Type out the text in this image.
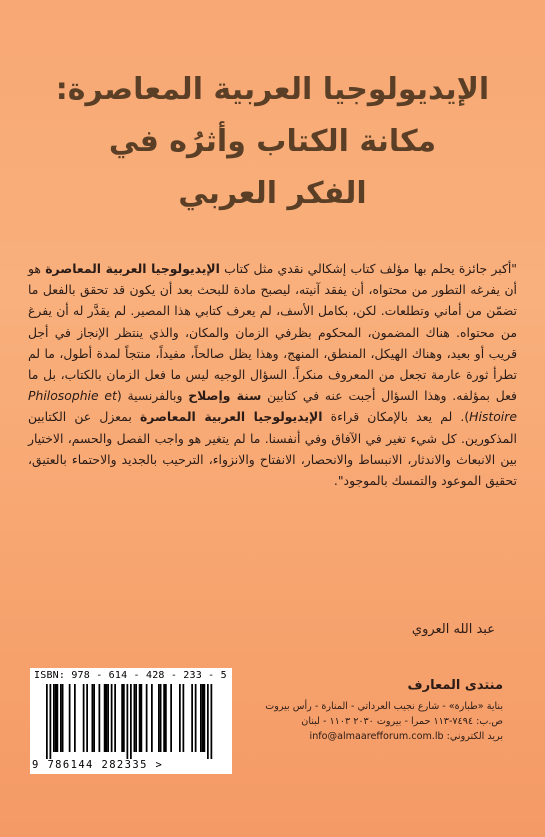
الإيديولوجيا العربية المعاصرة:
مكانة الكتاب وأثرُه في
الفكر العربي
"أكبر جائزة يحلم بها مؤلف كتاب إشكالي نقدي مثل كتاب الإيديولوجيا العربية المعاصرة هو أن يفرغه التطور من محتواه، أن يفقد آنيته، ليصبح مادة للبحث بعد أن يكون قد تحقق بالفعل ما تضمّن من أماني وتطلعات. لكن، بكامل الأسف، لم يعرف كتابي هذا المصير. لم يقدَّر له أن يفرغ من محتواه. هناك المضمون، المحكوم بظرفي الزمان والمكان، والذي ينتظر الإنجاز في أجل قريب أو بعيد، وهناك الهيكل، المنطق، المنهج، وهذا يظل صالحاً، مفيداً، منتجاً لمدة أطول، ما لم تطرأ ثورة عارمة تجعل من المعروف منكراً. السؤال الوجيه ليس ما فعل الزمان بالكتاب، بل ما فعل بمؤلفه. وهذا السؤال أجبت عنه في كتابين سنة وإصلاح وبالفرنسية (Philosophie et Histoire). لم يعد بالإمكان قراءة الإيديولوجيا العربية المعاصرة بمعزل عن الكتابين المذكورين. كل شيء تغير في الآفاق وفي أنفسنا. ما لم يتغير هو واجب الفصل والحسم، الاختيار بين الانبعاث والاندثار، الانبساط والانحصار، الانفتاح والانزواء، الترحيب بالجديد والاحتماء بالعتيق، تحقيق الموعود والتمسك بالموجود".
عبد الله العروي
ISBN: 978 - 614 - 428 - 233 - 5
9 786144 282335 >
منتدى المعارف
بناية «طبارة» - شارع نجيب العرداتي - المنارة - رأس بيروت
ص.ب: ٧٤٩٤-١١٣ حمرا - بيروت ٢٠٣٠ ١١٠٣ - لبنان
بريد الكتروني: info@almaarefforum.com.lb
